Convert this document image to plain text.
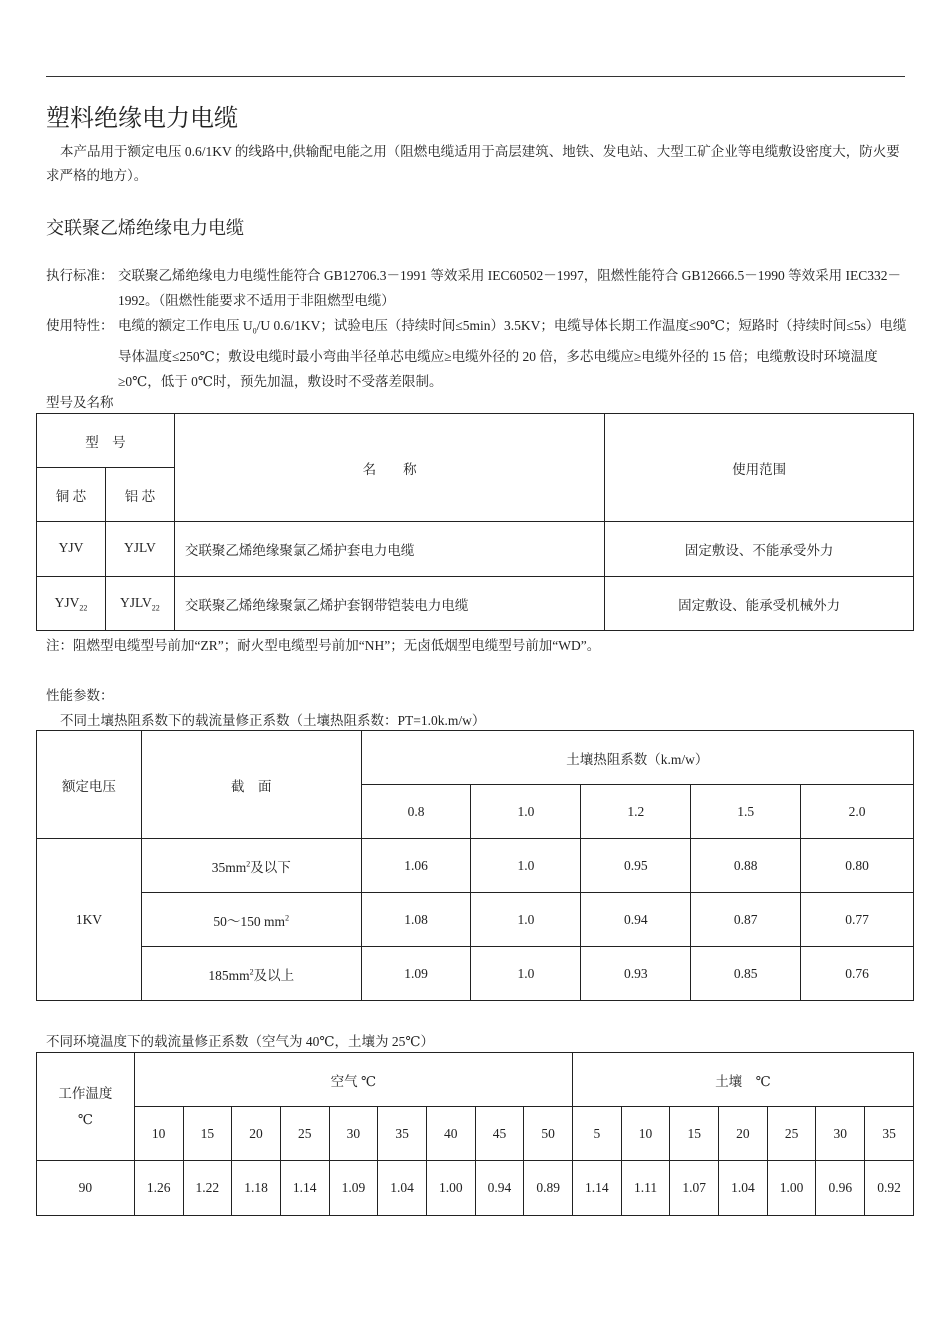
塑料绝缘电力电缆
本产品用于额定电压 0.6/1KV 的线路中,供输配电能之用（阻燃电缆适用于高层建筑、地铁、发电站、大型工矿企业等电缆敷设密度大，防火要求严格的地方）。
交联聚乙烯绝缘电力电缆
执行标准： 交联聚乙烯绝缘电力电缆性能符合 GB12706.3－1991 等效采用 IEC60502－1997，阻燃性能符合 GB12666.5－1990 等效采用 IEC332－1992。（阻燃性能要求不适用于非阻燃型电缆）
使用特性： 电缆的额定工作电压 $U_0/U$ 0.6/1KV；试验电压（持续时间≤5min）3.5KV；电缆导体长期工作温度≤90℃；短路时（持续时间≤5s）电缆导体温度≤250℃；敷设电缆时最小弯曲半径单芯电缆应≥电缆外径的 20 倍，多芯电缆应≥电缆外径的 15 倍；电缆敷设时环境温度≥0℃，低于 0℃时，预先加温，敷设时不受落差限制。
型号及名称
型　号		名　　称	使用范围
铜 芯	铝 芯		
YJV	YJLV	交联聚乙烯绝缘聚氯乙烯护套电力电缆	固定敷设、不能承受外力
$YJV_{22}$	$YJLV_{22}$	交联聚乙烯绝缘聚氯乙烯护套钢带铠装电力电缆	固定敷设、能承受机械外力
注：阻燃型电缆型号前加“ZR”；耐火型电缆型号前加“NH”；无卤低烟型电缆型号前加“WD”。
性能参数：
不同土壤热阻系数下的载流量修正系数（土壤热阻系数：PT=1.0k.m/w）
额定电压	截　面	土壤热阻系数（k.m/w）				
		0.8	1.0	1.2	1.5	2.0
1KV	$35mm^2$及以下	1.06	1.0	0.95	0.88	0.80
	50～150 $mm^2$	1.08	1.0	0.94	0.87	0.77
	$185mm^2$及以上	1.09	1.0	0.93	0.85	0.76
不同环境温度下的载流量修正系数（空气为 40℃，土壤为 25℃）
工作温度
℃	空气 ℃									土壤　℃						
	10	15	20	25	30	35	40	45	50	5	10	15	20	25	30	35
90	1.26	1.22	1.18	1.14	1.09	1.04	1.00	0.94	0.89	1.14	1.11	1.07	1.04	1.00	0.96	0.92
